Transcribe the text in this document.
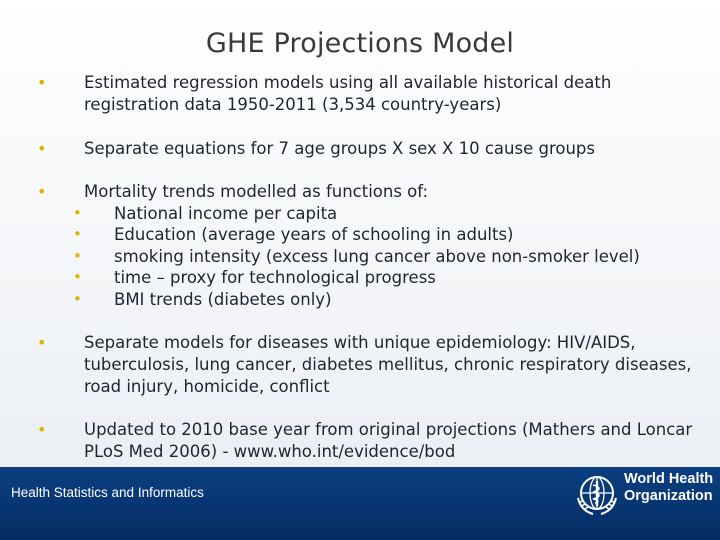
GHE Projections Model
• Estimated regression models using all available historical death registration data 1950-2011 (3,534 country-years)
• Separate equations for 7 age groups X sex X 10 cause groups
• Mortality trends modelled as functions of:
• National income per capita
• Education (average years of schooling in adults)
• smoking intensity (excess lung cancer above non-smoker level)
• time – proxy for technological progress
• BMI trends (diabetes only)
• Separate models for diseases with unique epidemiology: HIV/AIDS, tuberculosis, lung cancer, diabetes mellitus, chronic respiratory diseases, road injury, homicide, conflict
• Updated to 2010 base year from original projections (Mathers and Loncar PLoS Med 2006) - www.who.int/evidence/bod
Health Statistics and Informatics
World Health
Organization
